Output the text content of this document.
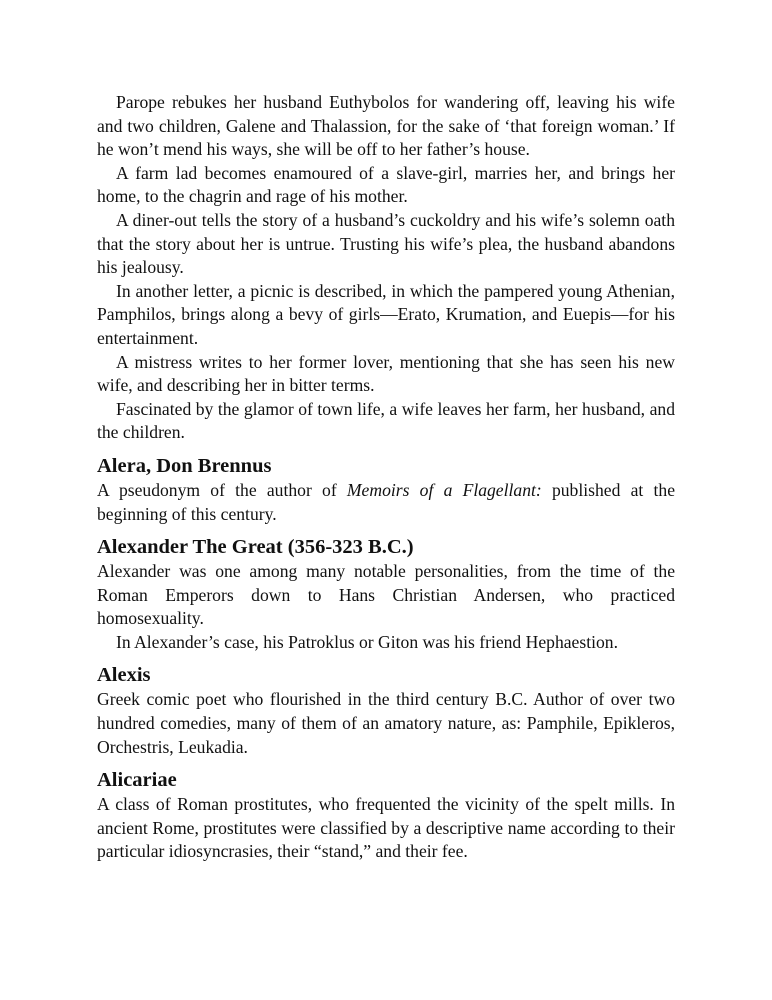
Parope rebukes her husband Euthybolos for wandering off, leaving his wife and two children, Galene and Thalassion, for the sake of ‘that foreign woman.’ If he won’t mend his ways, she will be off to her father’s house.

A farm lad becomes enamoured of a slave-girl, marries her, and brings her home, to the chagrin and rage of his mother.

A diner-out tells the story of a husband’s cuckoldry and his wife’s solemn oath that the story about her is untrue. Trusting his wife’s plea, the husband abandons his jealousy.

In another letter, a picnic is described, in which the pampered young Athenian, Pamphilos, brings along a bevy of girls—Erato, Krumation, and Euepis—for his entertainment.

A mistress writes to her former lover, mentioning that she has seen his new wife, and describing her in bitter terms.

Fascinated by the glamor of town life, a wife leaves her farm, her husband, and the children.

Alera, Don Brennus

A pseudonym of the author of Memoirs of a Flagellant: published at the beginning of this century.

Alexander The Great (356-323 B.C.)

Alexander was one among many notable personalities, from the time of the Roman Emperors down to Hans Christian Andersen, who practiced homosexuality.

In Alexander’s case, his Patroklus or Giton was his friend Hephaestion.

Alexis

Greek comic poet who flourished in the third century B.C. Author of over two hundred comedies, many of them of an amatory nature, as: Pamphile, Epikleros, Orchestris, Leukadia.

Alicariae

A class of Roman prostitutes, who frequented the vicinity of the spelt mills. In ancient Rome, prostitutes were classified by a descriptive name according to their particular idiosyncrasies, their “stand,” and their fee.
